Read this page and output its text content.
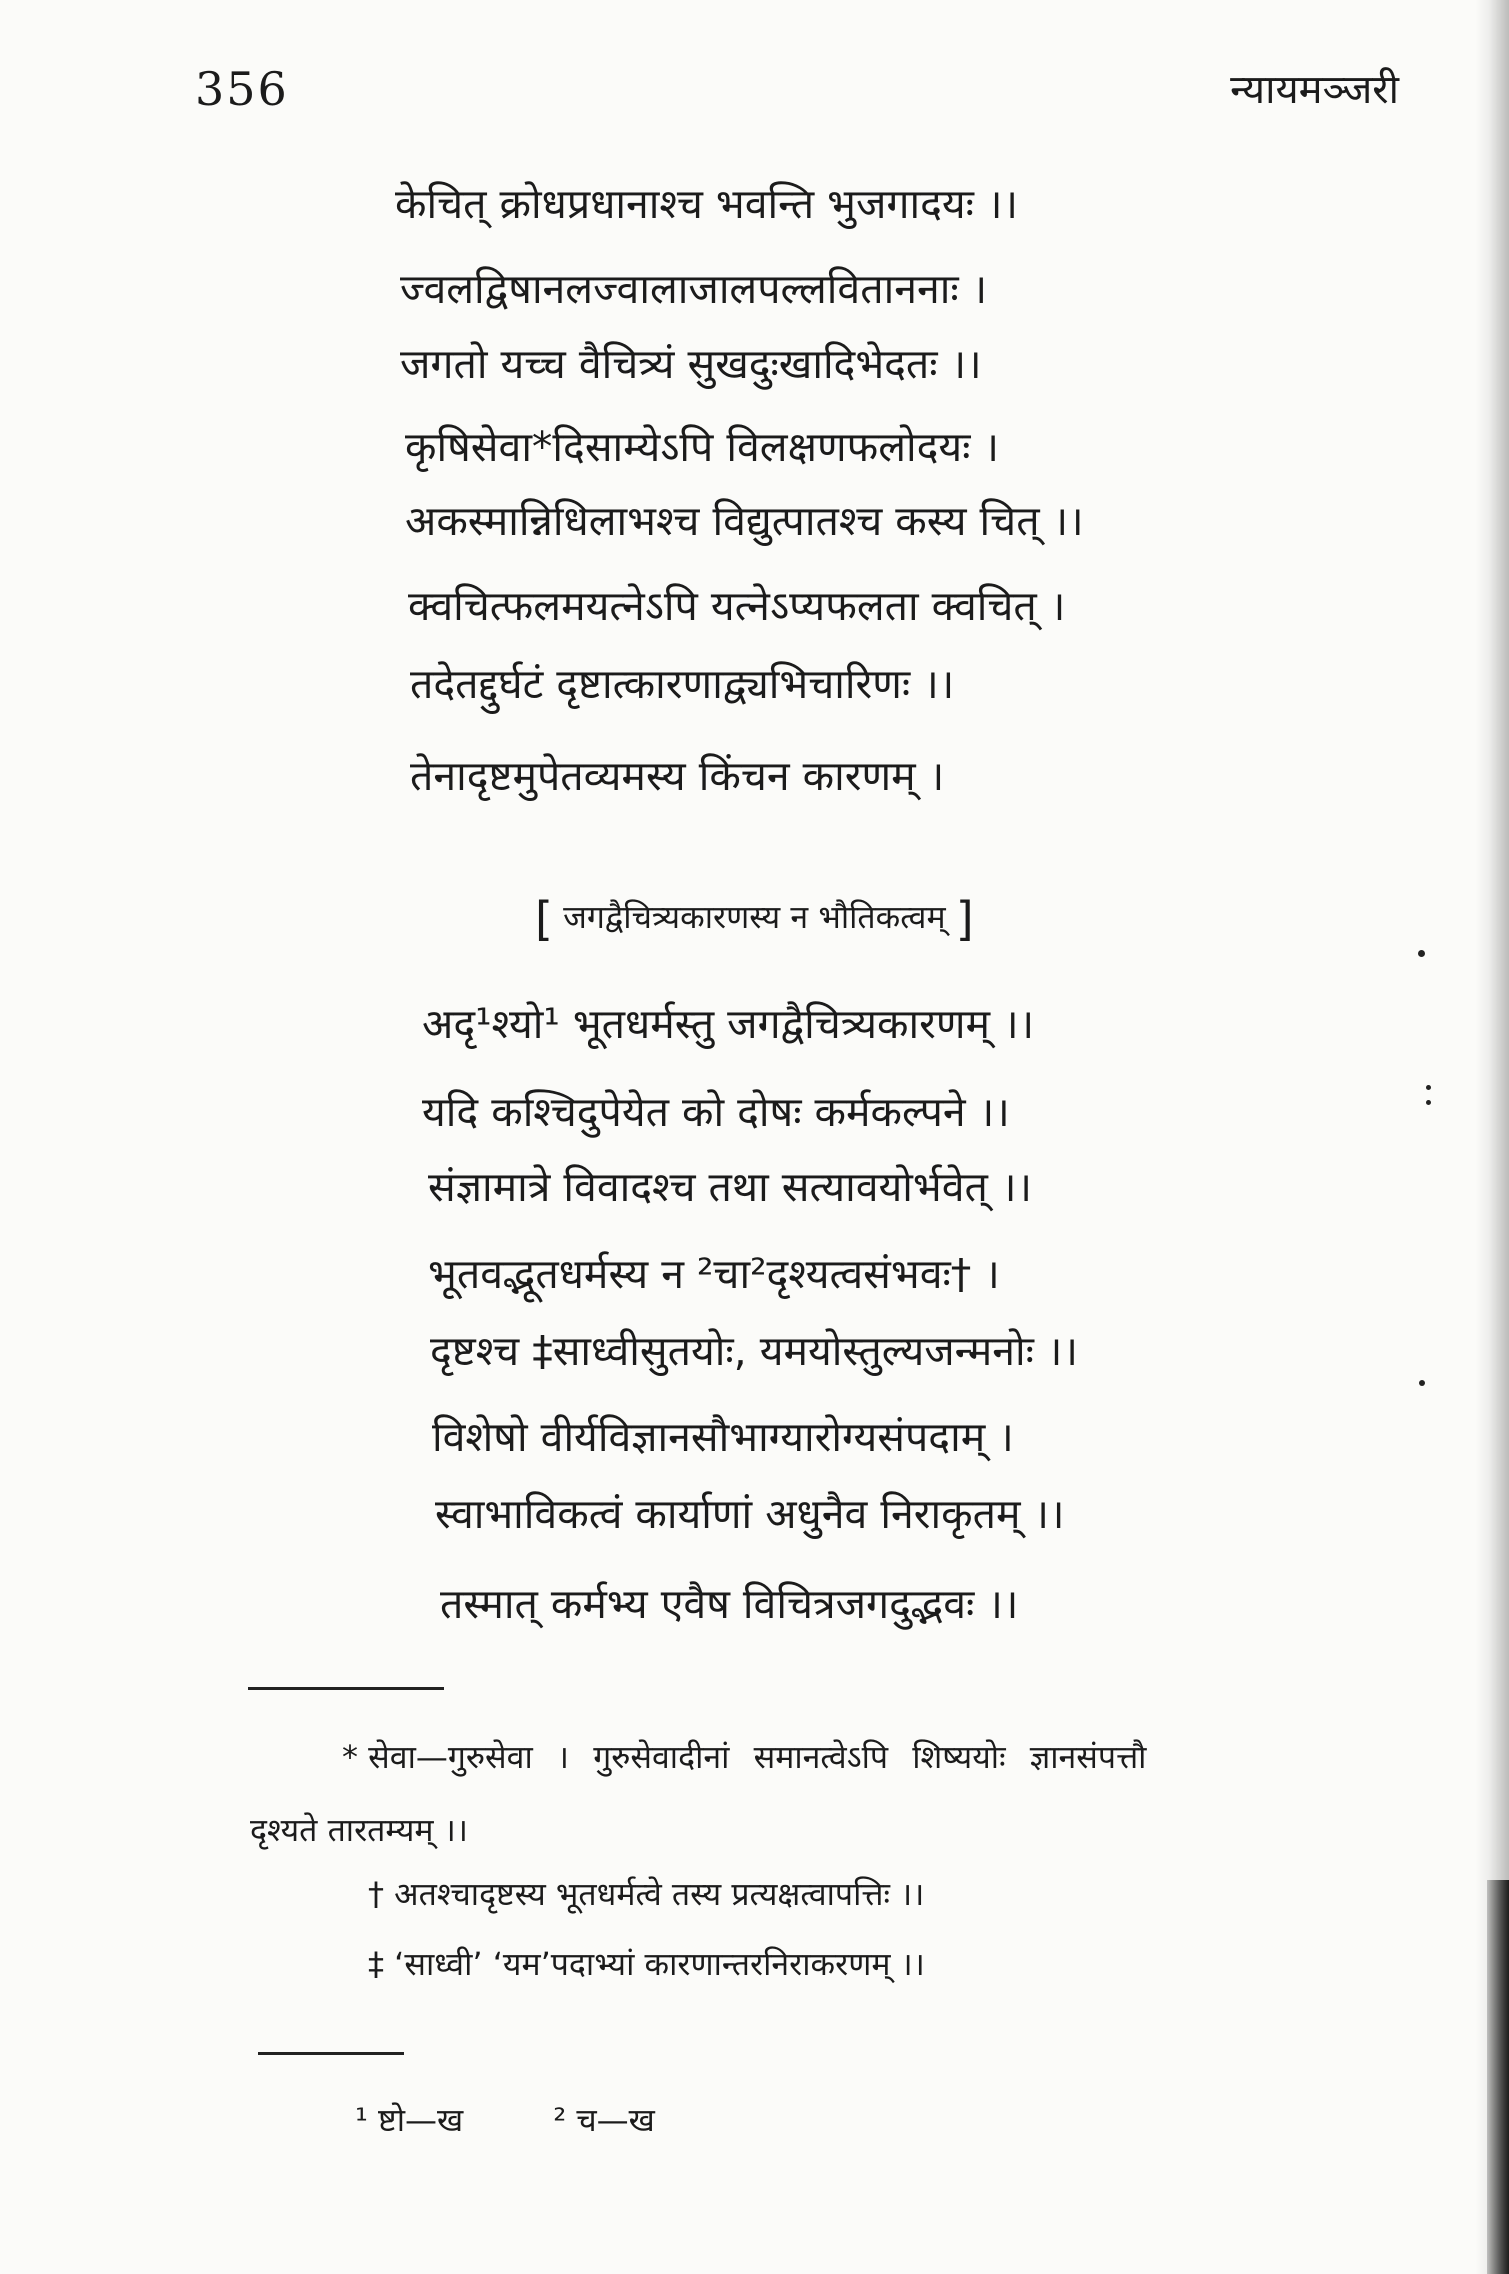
356	न्यायमञ्जरी
केचित् क्रोधप्रधानाश्च भवन्ति भुजगादयः ।।
ज्वलद्विषानलज्वालाजालपल्लविताननाः ।
जगतो यच्च वैचित्र्यं सुखदुःखादिभेदतः ।।
कृषिसेवा*दिसाम्येऽपि विलक्षणफलोदयः ।
अकस्मान्निधिलाभश्च विद्युत्पातश्च कस्य चित् ।।
क्वचित्फलमयत्नेऽपि यत्नेऽप्यफलता क्वचित् ।
तदेतद्दुर्घटं दृष्टात्कारणाद्व्यभिचारिणः ।।
तेनादृष्टमुपेतव्यमस्य किंचन कारणम् ।
[ जगद्वैचित्र्यकारणस्य न भौतिकत्वम् ]
अदृ¹श्यो¹ भूतधर्मस्तु जगद्वैचित्र्यकारणम् ।।
यदि कश्चिदुपेयेत को दोषः कर्मकल्पने ।।
संज्ञामात्रे विवादश्च तथा सत्यावयोर्भवेत् ।।
भूतवद्भूतधर्मस्य न ²चा²दृश्यत्वसंभवः† ।
दृष्टश्च ‡साध्वीसुतयोः, यमयोस्तुल्यजन्मनोः ।।
विशेषो वीर्यविज्ञानसौभाग्यारोग्यसंपदाम् ।
स्वाभाविकत्वं कार्याणां अधुनैव निराकृतम् ।।
तस्मात् कर्मभ्य एवैष विचित्रजगदुद्भवः ।।
* सेवा—गुरुसेवा । गुरुसेवादीनां समानत्वेऽपि शिष्ययोः ज्ञानसंपत्तौ
दृश्यते तारतम्यम् ।।
† अतश्चादृष्टस्य भूतधर्मत्वे तस्य प्रत्यक्षत्वापत्तिः ।।
‡ ‘साध्वी’ ‘यम’पदाभ्यां कारणान्तरनिराकरणम् ।।
¹ ष्टो—ख	² च—ख
